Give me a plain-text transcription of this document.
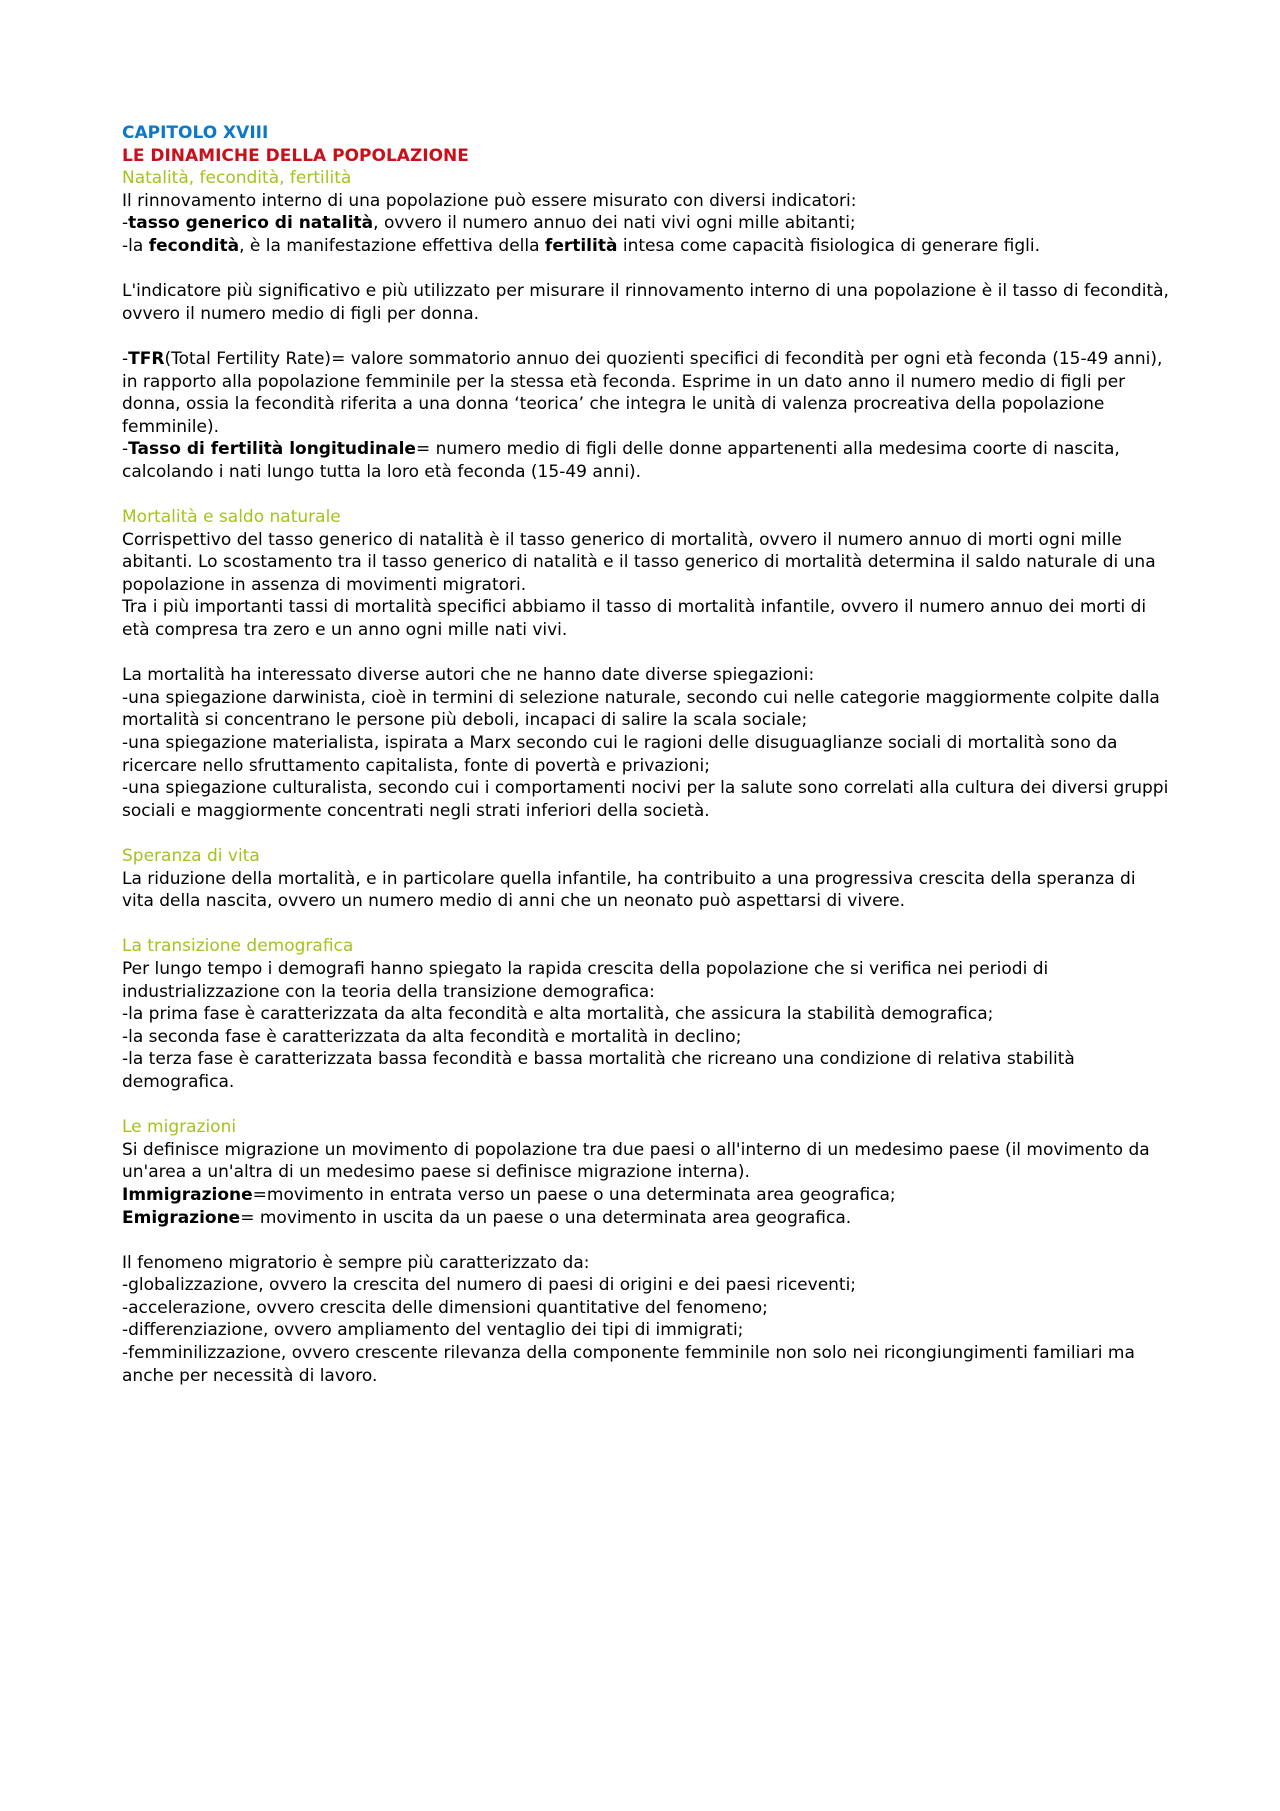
CAPITOLO XVIII

LE DINAMICHE DELLA POPOLAZIONE

Natalità, fecondità, fertilità

Il rinnovamento interno di una popolazione può essere misurato con diversi indicatori:

-tasso generico di natalità, ovvero il numero annuo dei nati vivi ogni mille abitanti;

-la fecondità, è la manifestazione effettiva della fertilità intesa come capacità fisiologica di generare figli.

L'indicatore più significativo e più utilizzato per misurare il rinnovamento interno di una popolazione è il tasso di fecondità, ovvero il numero medio di figli per donna.

-TFR(Total Fertility Rate)= valore sommatorio annuo dei quozienti specifici di fecondità per ogni età feconda (15-49 anni), in rapporto alla popolazione femminile per la stessa età feconda. Esprime in un dato anno il numero medio di figli per donna, ossia la fecondità riferita a una donna ‘teorica’ che integra le unità di valenza procreativa della popolazione femminile).

-Tasso di fertilità longitudinale= numero medio di figli delle donne appartenenti alla medesima coorte di nascita, calcolando i nati lungo tutta la loro età feconda (15-49 anni).

Mortalità e saldo naturale

Corrispettivo del tasso generico di natalità è il tasso generico di mortalità, ovvero il numero annuo di morti ogni mille abitanti. Lo scostamento tra il tasso generico di natalità e il tasso generico di mortalità determina il saldo naturale di una popolazione in assenza di movimenti migratori.

Tra i più importanti tassi di mortalità specifici abbiamo il tasso di mortalità infantile, ovvero il numero annuo dei morti di età compresa tra zero e un anno ogni mille nati vivi.

La mortalità ha interessato diverse autori che ne hanno date diverse spiegazioni:

-una spiegazione darwinista, cioè in termini di selezione naturale, secondo cui nelle categorie maggiormente colpite dalla mortalità si concentrano le persone più deboli, incapaci di salire la scala sociale;

-una spiegazione materialista, ispirata a Marx secondo cui le ragioni delle disuguaglianze sociali di mortalità sono da ricercare nello sfruttamento capitalista, fonte di povertà e privazioni;

-una spiegazione culturalista, secondo cui i comportamenti nocivi per la salute sono correlati alla cultura dei diversi gruppi sociali e maggiormente concentrati negli strati inferiori della società.

Speranza di vita

La riduzione della mortalità, e in particolare quella infantile, ha contribuito a una progressiva crescita della speranza di vita della nascita, ovvero un numero medio di anni che un neonato può aspettarsi di vivere.

La transizione demografica

Per lungo tempo i demografi hanno spiegato la rapida crescita della popolazione che si verifica nei periodi di industrializzazione con la teoria della transizione demografica:

-la prima fase è caratterizzata da alta fecondità e alta mortalità, che assicura la stabilità demografica;

-la seconda fase è caratterizzata da alta fecondità e mortalità in declino;

-la terza fase è caratterizzata bassa fecondità e bassa mortalità che ricreano una condizione di relativa stabilità demografica.

Le migrazioni

Si definisce migrazione un movimento di popolazione tra due paesi o all'interno di un medesimo paese (il movimento da un'area a un'altra di un medesimo paese si definisce migrazione interna).

Immigrazione=movimento in entrata verso un paese o una determinata area geografica;

Emigrazione= movimento in uscita da un paese o una determinata area geografica.

Il fenomeno migratorio è sempre più caratterizzato da:

-globalizzazione, ovvero la crescita del numero di paesi di origini e dei paesi riceventi;

-accelerazione, ovvero crescita delle dimensioni quantitative del fenomeno;

-differenziazione, ovvero ampliamento del ventaglio dei tipi di immigrati;

-femminilizzazione, ovvero crescente rilevanza della componente femminile non solo nei ricongiungimenti familiari ma anche per necessità di lavoro.
